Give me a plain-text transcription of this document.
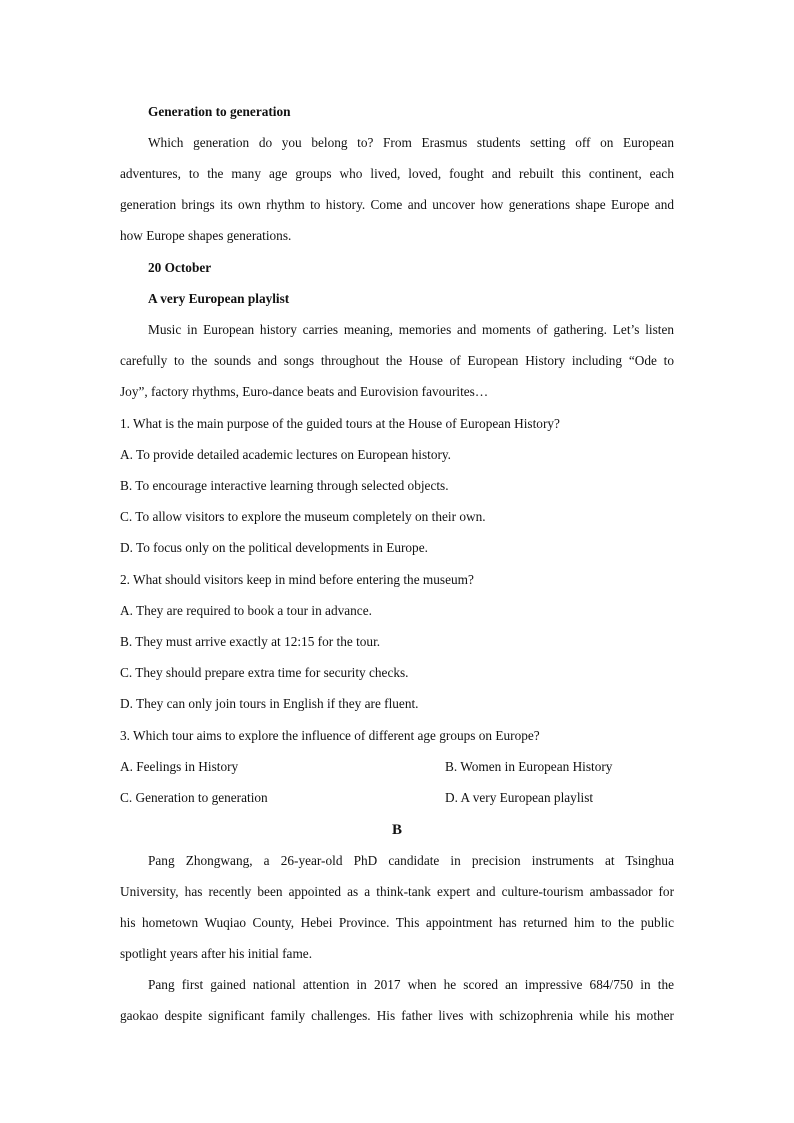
Generation to generation
Which generation do you belong to? From Erasmus students setting off on European
adventures, to the many age groups who lived, loved, fought and rebuilt this continent, each
generation brings its own rhythm to history. Come and uncover how generations shape Europe and
how Europe shapes generations.
20 October
A very European playlist
Music in European history carries meaning, memories and moments of gathering. Let’s listen
carefully to the sounds and songs throughout the House of European History including “Ode to
Joy”, factory rhythms, Euro-dance beats and Eurovision favourites…
1. What is the main purpose of the guided tours at the House of European History?
A. To provide detailed academic lectures on European history.
B. To encourage interactive learning through selected objects.
C. To allow visitors to explore the museum completely on their own.
D. To focus only on the political developments in Europe.
2. What should visitors keep in mind before entering the museum?
A. They are required to book a tour in advance.
B. They must arrive exactly at 12:15 for the tour.
C. They should prepare extra time for security checks.
D. They can only join tours in English if they are fluent.
3. Which tour aims to explore the influence of different age groups on Europe?
A. Feelings in History	B. Women in European History
C. Generation to generation	D. A very European playlist
B
Pang Zhongwang, a 26-year-old PhD candidate in precision instruments at Tsinghua
University, has recently been appointed as a think-tank expert and culture-tourism ambassador for
his hometown Wuqiao County, Hebei Province. This appointment has returned him to the public
spotlight years after his initial fame.
Pang first gained national attention in 2017 when he scored an impressive 684/750 in the
gaokao despite significant family challenges. His father lives with schizophrenia while his mother
